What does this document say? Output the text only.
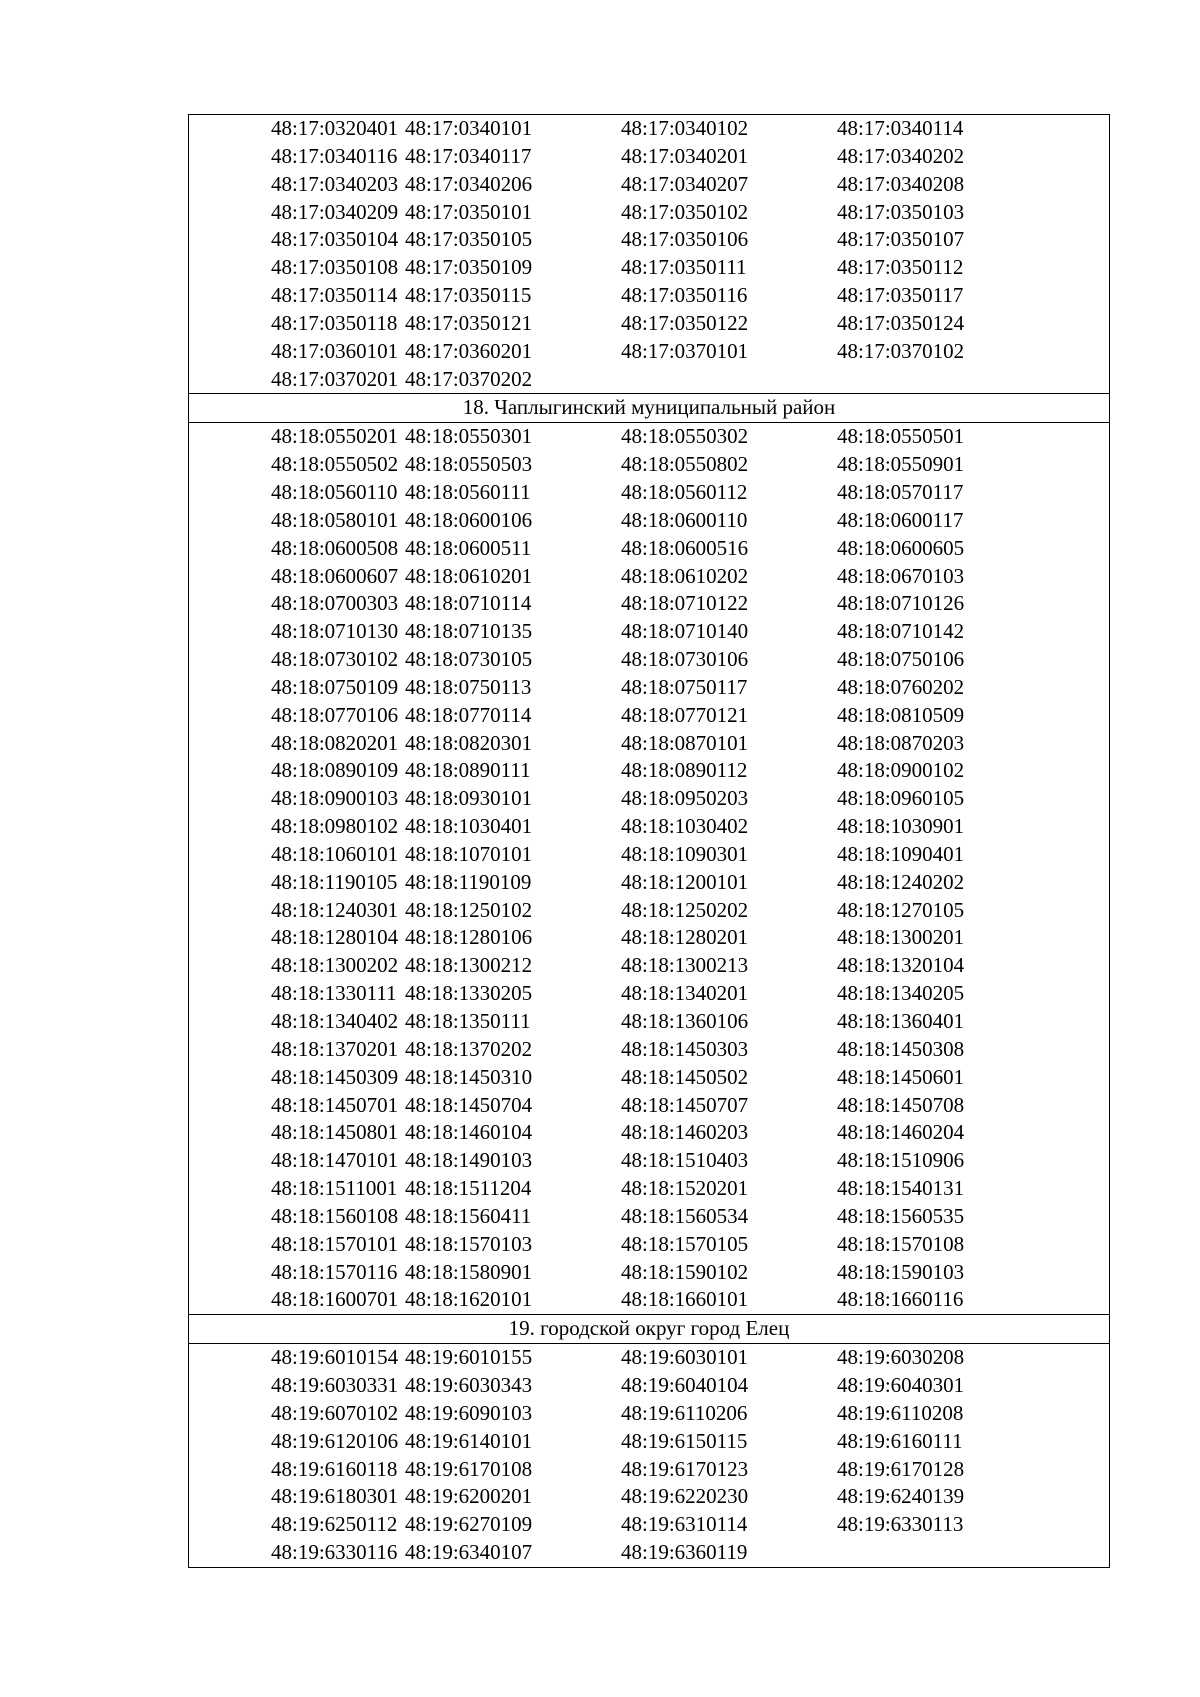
48:17:0320401	48:17:0340101	48:17:0340102	48:17:0340114
48:17:0340116	48:17:0340117	48:17:0340201	48:17:0340202
48:17:0340203	48:17:0340206	48:17:0340207	48:17:0340208
48:17:0340209	48:17:0350101	48:17:0350102	48:17:0350103
48:17:0350104	48:17:0350105	48:17:0350106	48:17:0350107
48:17:0350108	48:17:0350109	48:17:0350111	48:17:0350112
48:17:0350114	48:17:0350115	48:17:0350116	48:17:0350117
48:17:0350118	48:17:0350121	48:17:0350122	48:17:0350124
48:17:0360101	48:17:0360201	48:17:0370101	48:17:0370102
48:17:0370201	48:17:0370202		
18. Чаплыгинский муниципальный район			
48:18:0550201	48:18:0550301	48:18:0550302	48:18:0550501
48:18:0550502	48:18:0550503	48:18:0550802	48:18:0550901
48:18:0560110	48:18:0560111	48:18:0560112	48:18:0570117
48:18:0580101	48:18:0600106	48:18:0600110	48:18:0600117
48:18:0600508	48:18:0600511	48:18:0600516	48:18:0600605
48:18:0600607	48:18:0610201	48:18:0610202	48:18:0670103
48:18:0700303	48:18:0710114	48:18:0710122	48:18:0710126
48:18:0710130	48:18:0710135	48:18:0710140	48:18:0710142
48:18:0730102	48:18:0730105	48:18:0730106	48:18:0750106
48:18:0750109	48:18:0750113	48:18:0750117	48:18:0760202
48:18:0770106	48:18:0770114	48:18:0770121	48:18:0810509
48:18:0820201	48:18:0820301	48:18:0870101	48:18:0870203
48:18:0890109	48:18:0890111	48:18:0890112	48:18:0900102
48:18:0900103	48:18:0930101	48:18:0950203	48:18:0960105
48:18:0980102	48:18:1030401	48:18:1030402	48:18:1030901
48:18:1060101	48:18:1070101	48:18:1090301	48:18:1090401
48:18:1190105	48:18:1190109	48:18:1200101	48:18:1240202
48:18:1240301	48:18:1250102	48:18:1250202	48:18:1270105
48:18:1280104	48:18:1280106	48:18:1280201	48:18:1300201
48:18:1300202	48:18:1300212	48:18:1300213	48:18:1320104
48:18:1330111	48:18:1330205	48:18:1340201	48:18:1340205
48:18:1340402	48:18:1350111	48:18:1360106	48:18:1360401
48:18:1370201	48:18:1370202	48:18:1450303	48:18:1450308
48:18:1450309	48:18:1450310	48:18:1450502	48:18:1450601
48:18:1450701	48:18:1450704	48:18:1450707	48:18:1450708
48:18:1450801	48:18:1460104	48:18:1460203	48:18:1460204
48:18:1470101	48:18:1490103	48:18:1510403	48:18:1510906
48:18:1511001	48:18:1511204	48:18:1520201	48:18:1540131
48:18:1560108	48:18:1560411	48:18:1560534	48:18:1560535
48:18:1570101	48:18:1570103	48:18:1570105	48:18:1570108
48:18:1570116	48:18:1580901	48:18:1590102	48:18:1590103
48:18:1600701	48:18:1620101	48:18:1660101	48:18:1660116
19. городской округ город Елец			
48:19:6010154	48:19:6010155	48:19:6030101	48:19:6030208
48:19:6030331	48:19:6030343	48:19:6040104	48:19:6040301
48:19:6070102	48:19:6090103	48:19:6110206	48:19:6110208
48:19:6120106	48:19:6140101	48:19:6150115	48:19:6160111
48:19:6160118	48:19:6170108	48:19:6170123	48:19:6170128
48:19:6180301	48:19:6200201	48:19:6220230	48:19:6240139
48:19:6250112	48:19:6270109	48:19:6310114	48:19:6330113
48:19:6330116	48:19:6340107	48:19:6360119	
